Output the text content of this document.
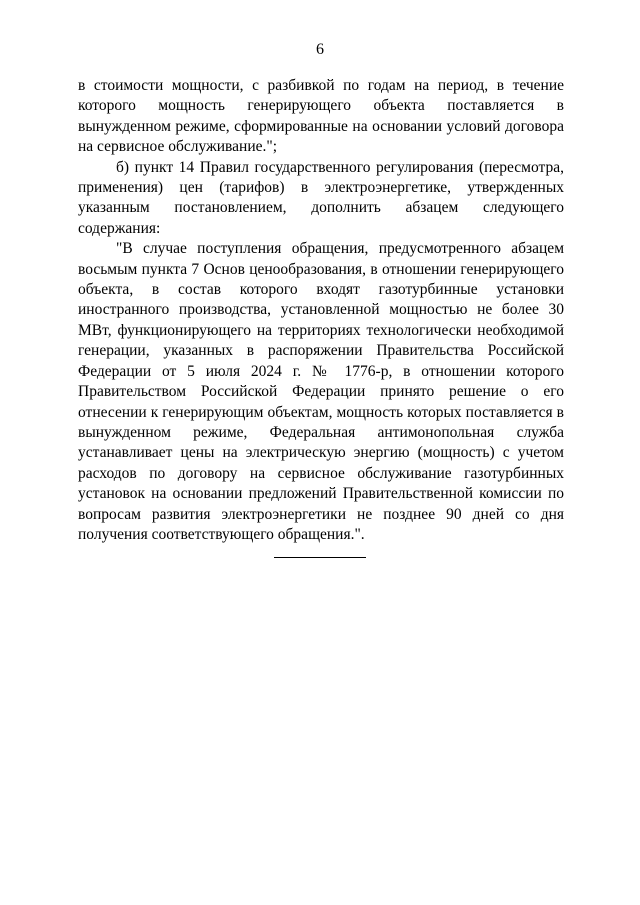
6

в стоимости мощности, с разбивкой по годам на период, в течение которого мощность генерирующего объекта поставляется в вынужденном режиме, сформированные на основании условий договора на сервисное обслуживание.";

б) пункт 14 Правил государственного регулирования (пересмотра, применения) цен (тарифов) в электроэнергетике, утвержденных указанным постановлением, дополнить абзацем следующего содержания:

"В случае поступления обращения, предусмотренного абзацем восьмым пункта 7 Основ ценообразования, в отношении генерирующего объекта, в состав которого входят газотурбинные установки иностранного производства, установленной мощностью не более 30 МВт, функционирующего на территориях технологически необходимой генерации, указанных в распоряжении Правительства Российской Федерации от 5 июля 2024 г. № 1776-р, в отношении которого Правительством Российской Федерации принято решение о его отнесении к генерирующим объектам, мощность которых поставляется в вынужденном режиме, Федеральная антимонопольная служба устанавливает цены на электрическую энергию (мощность) с учетом расходов по договору на сервисное обслуживание газотурбинных установок на основании предложений Правительственной комиссии по вопросам развития электроэнергетики не позднее 90 дней со дня получения соответствующего обращения.".
